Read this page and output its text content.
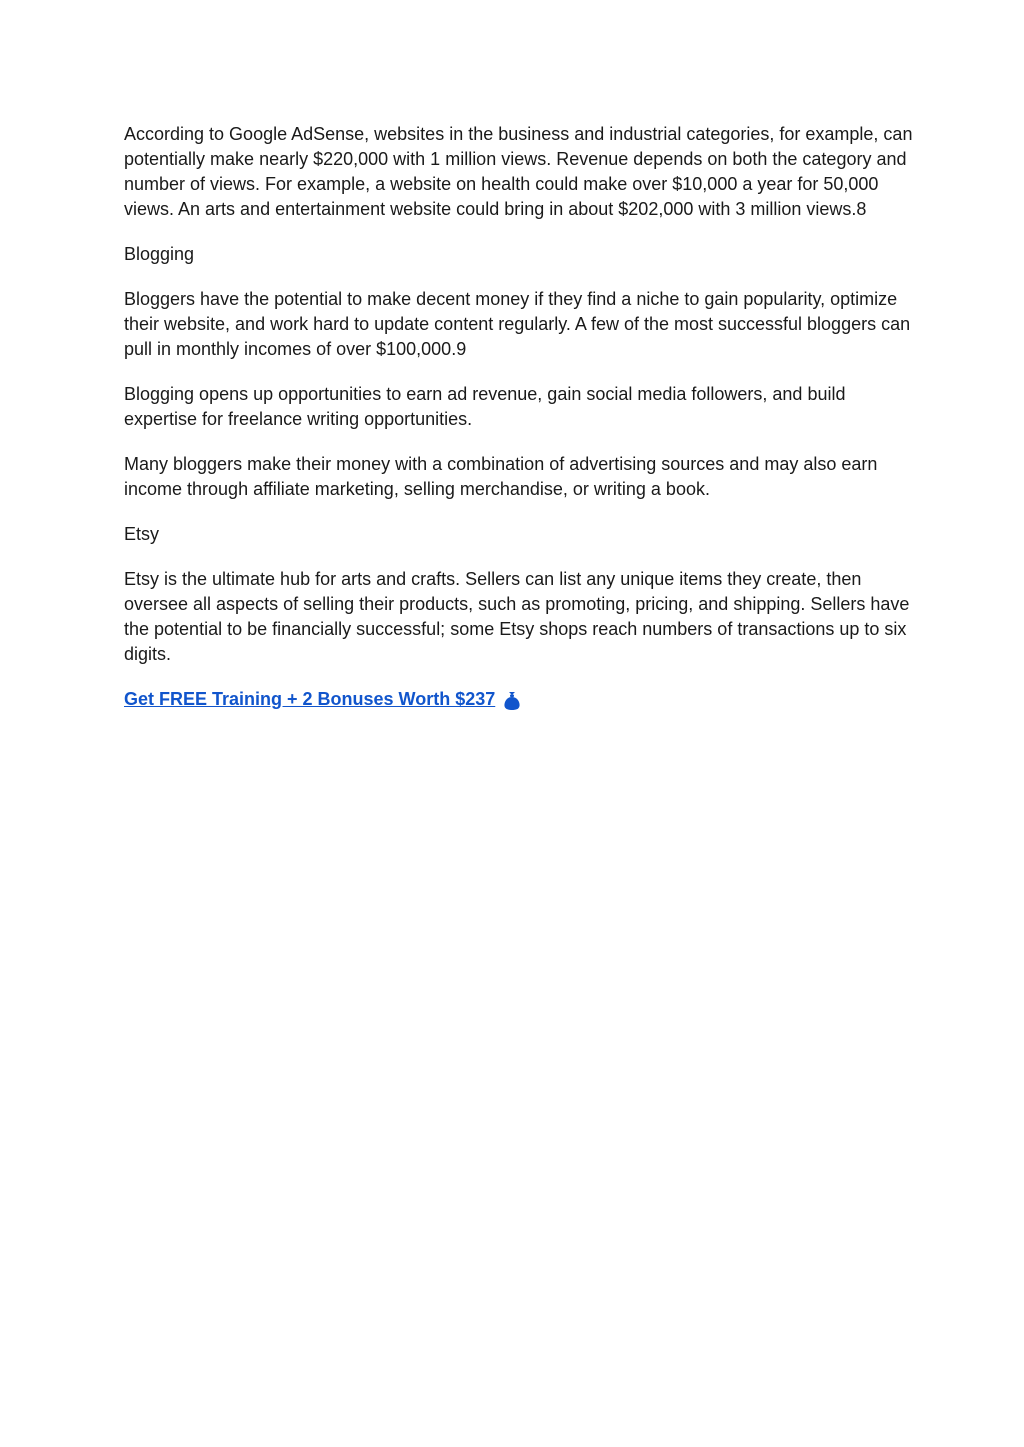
According to Google AdSense, websites in the business and industrial categories, for example, can potentially make nearly $220,000 with 1 million views. Revenue depends on both the category and number of views. For example, a website on health could make over $10,000 a year for 50,000 views. An arts and entertainment website could bring in about $202,000 with 3 million views.8

Blogging

Bloggers have the potential to make decent money if they find a niche to gain popularity, optimize their website, and work hard to update content regularly. A few of the most successful bloggers can pull in monthly incomes of over $100,000.9

Blogging opens up opportunities to earn ad revenue, gain social media followers, and build expertise for freelance writing opportunities.

Many bloggers make their money with a combination of advertising sources and may also earn income through affiliate marketing, selling merchandise, or writing a book.

Etsy

Etsy is the ultimate hub for arts and crafts. Sellers can list any unique items they create, then oversee all aspects of selling their products, such as promoting, pricing, and shipping. Sellers have the potential to be financially successful; some Etsy shops reach numbers of transactions up to six digits.

Get FREE Training + 2 Bonuses Worth $237
